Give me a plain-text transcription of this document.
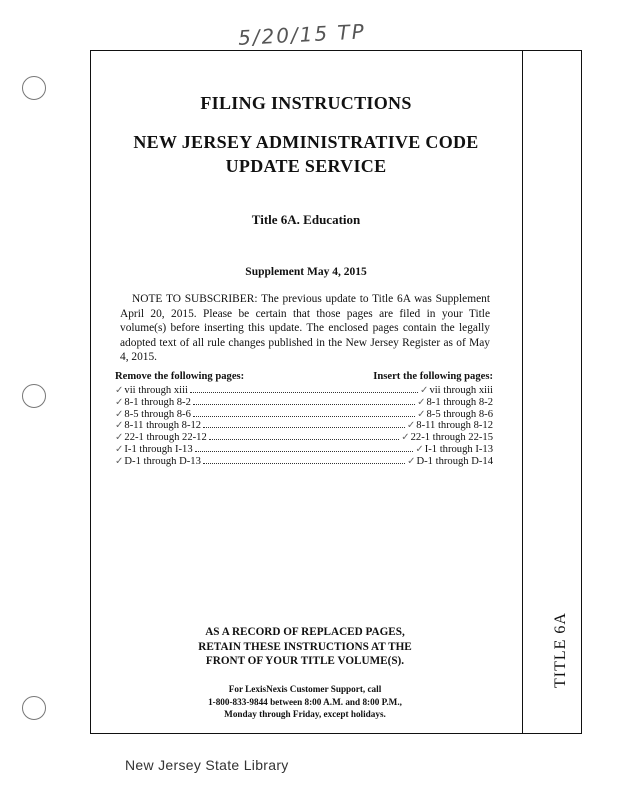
5/20/15 TP
TITLE 6A
FILING INSTRUCTIONS
NEW JERSEY ADMINISTRATIVE CODE
UPDATE SERVICE
Title 6A. Education
Supplement May 4, 2015
NOTE TO SUBSCRIBER: The previous update to Title 6A was Supplement April 20, 2015. Please be certain that those pages are filed in your Title volume(s) before inserting this update. The enclosed pages contain the legally adopted text of all rule changes published in the New Jersey Register as of May 4, 2015.
Remove the following pages:	Insert the following pages:
✓vii through xiii	✓vii through xiii
✓8-1 through 8-2	✓8-1 through 8-2
✓8-5 through 8-6	✓8-5 through 8-6
✓8-11 through 8-12	✓8-11 through 8-12
✓22-1 through 22-12	✓22-1 through 22-15
✓I-1 through I-13	✓I-1 through I-13
✓D-1 through D-13	✓D-1 through D-14
AS A RECORD OF REPLACED PAGES,
RETAIN THESE INSTRUCTIONS AT THE
FRONT OF YOUR TITLE VOLUME(S).
For LexisNexis Customer Support, call
1-800-833-9844 between 8:00 A.M. and 8:00 P.M.,
Monday through Friday, except holidays.
New Jersey State Library
